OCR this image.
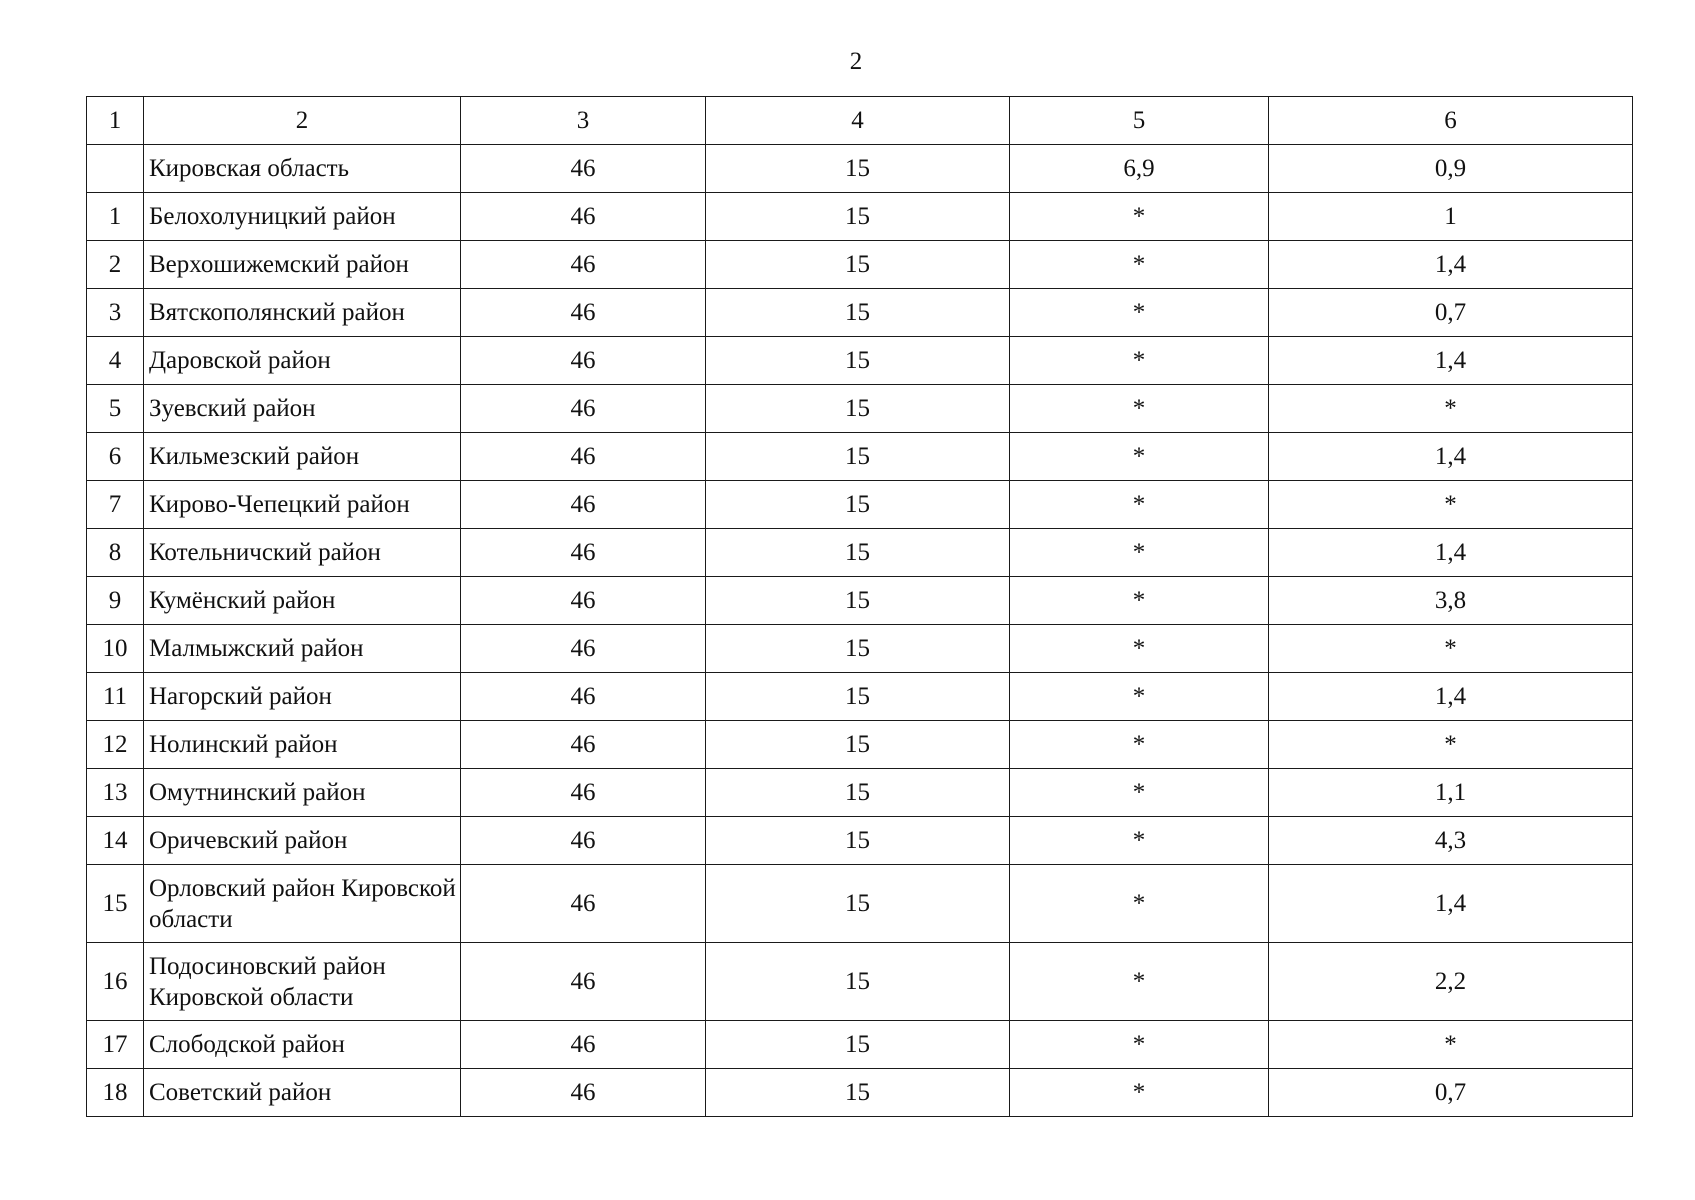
2
1	2	3	4	5	6
	Кировская область	46	15	6,9	0,9
1	Белохолуницкий район	46	15	*	1
2	Верхошижемский район	46	15	*	1,4
3	Вятскополянский район	46	15	*	0,7
4	Даровской район	46	15	*	1,4
5	Зуевский район	46	15	*	*
6	Кильмезский район	46	15	*	1,4
7	Кирово-Чепецкий район	46	15	*	*
8	Котельничский район	46	15	*	1,4
9	Кумёнский район	46	15	*	3,8
10	Малмыжский район	46	15	*	*
11	Нагорский район	46	15	*	1,4
12	Нолинский район	46	15	*	*
13	Омутнинский район	46	15	*	1,1
14	Оричевский район	46	15	*	4,3
15	Орловский район Кировской области	46	15	*	1,4
16	Подосиновский район Кировской области	46	15	*	2,2
17	Слободской район	46	15	*	*
18	Советский район	46	15	*	0,7
